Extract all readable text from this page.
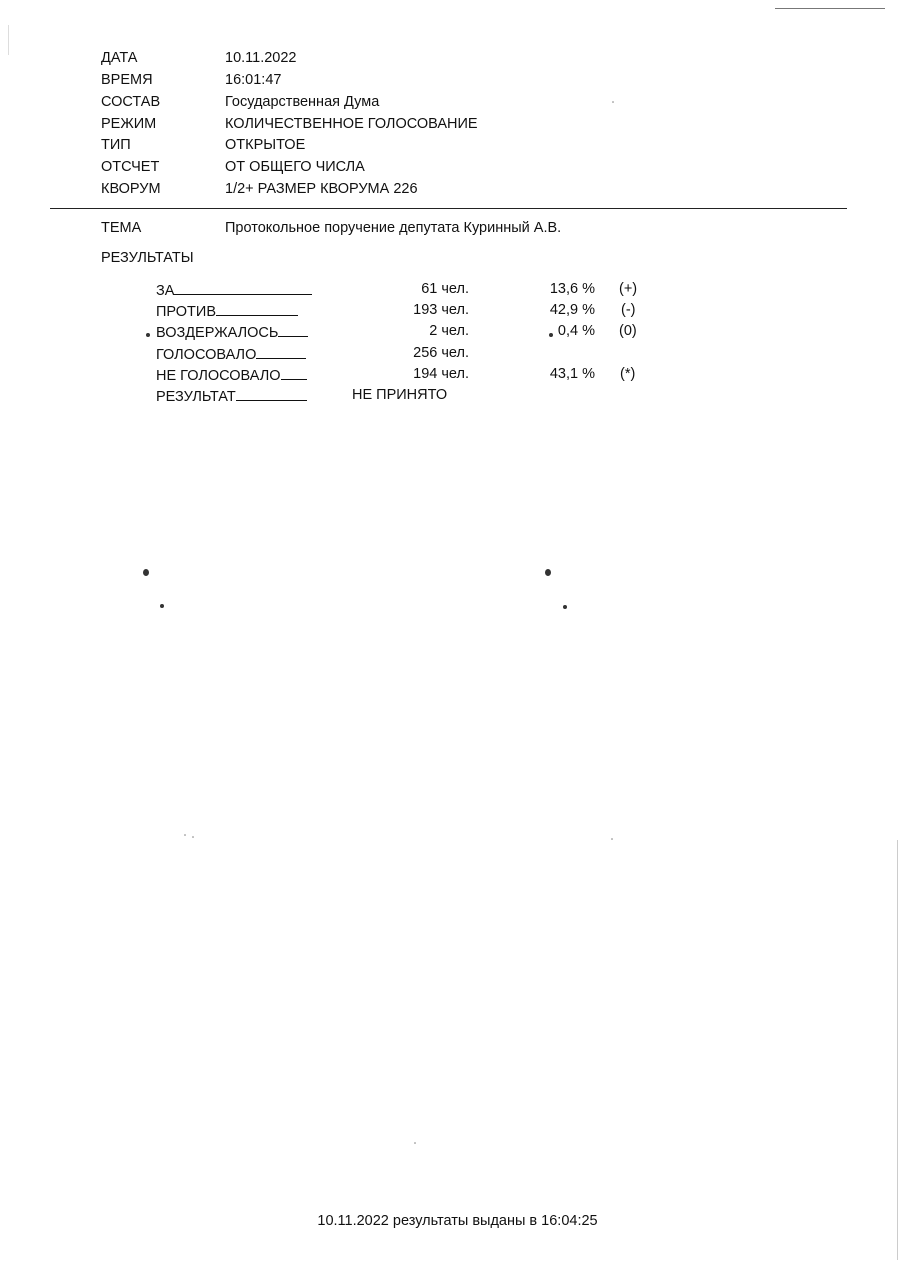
ДАТА	10.11.2022
ВРЕМЯ	16:01:47
СОСТАВ	Государственная Дума
РЕЖИМ	КОЛИЧЕСТВЕННОЕ ГОЛОСОВАНИЕ
ТИП	ОТКРЫТОЕ
ОТСЧЕТ	ОТ ОБЩЕГО ЧИСЛА
КВОРУМ	1/2+ РАЗМЕР КВОРУМА 226
ТЕМА	Протокольное поручение депутата Куринный А.В.
РЕЗУЛЬТАТЫ
ЗА	61 чел.	13,6 % (+)
ПРОТИВ	193 чел.	42,9 % (-)
ВОЗДЕРЖАЛОСЬ	2 чел.	0,4 % (0)
ГОЛОСОВАЛО	256 чел.
НЕ ГОЛОСОВАЛО	194 чел.	43,1 % (*)
РЕЗУЛЬТАТ	НЕ ПРИНЯТО
10.11.2022 результаты выданы в 16:04:25
